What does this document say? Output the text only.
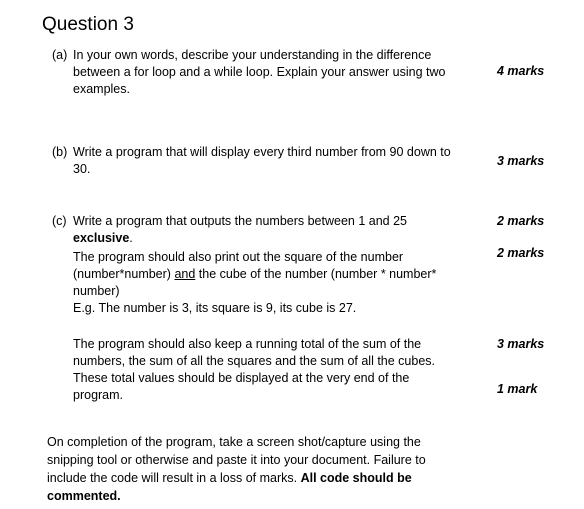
Question 3
(a) In your own words, describe your understanding in the difference
between a for loop and a while loop. Explain your answer using two
examples.
4 marks
(b) Write a program that will display every third number from 90 down to
30.
3 marks
(c) Write a program that outputs the numbers between 1 and 25
exclusive.
2 marks
The program should also print out the square of the number
(number*number) and the cube of the number (number * number*
number)
E.g. The number is 3, its square is 9, its cube is 27.
2 marks
The program should also keep a running total of the sum of the
numbers, the sum of all the squares and the sum of all the cubes.
These total values should be displayed at the very end of the
program.
3 marks
1 mark
On completion of the program, take a screen shot/capture using the
snipping tool or otherwise and paste it into your document. Failure to
include the code will result in a loss of marks. All code should be
commented.
